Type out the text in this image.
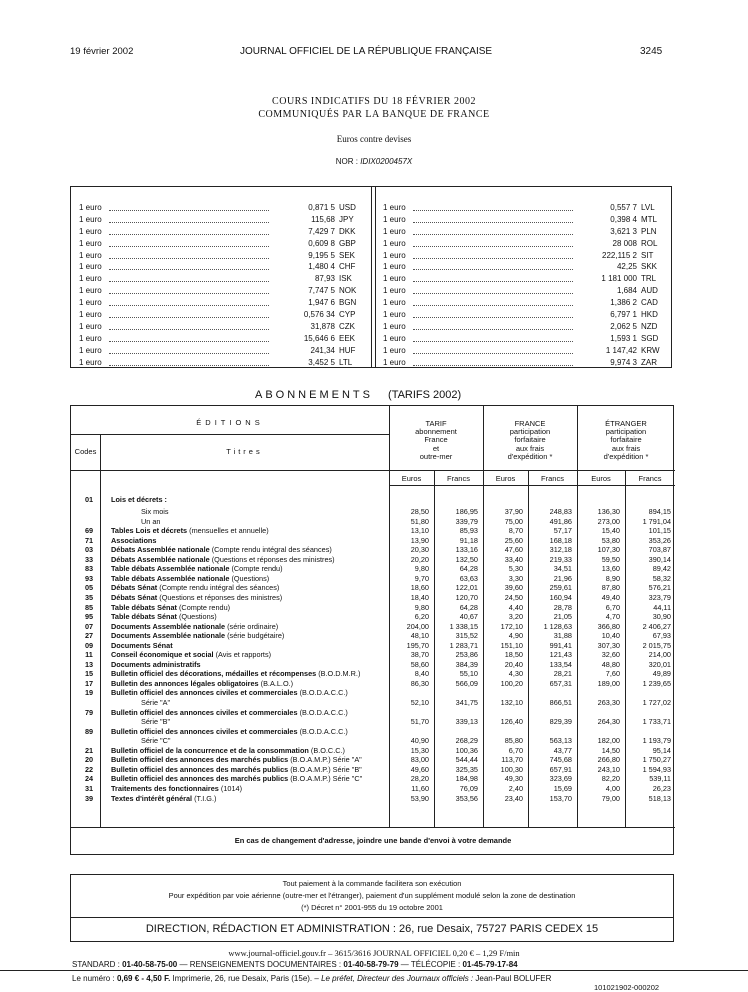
19 février 2002	JOURNAL OFFICIEL DE LA RÉPUBLIQUE FRANÇAISE	3245
COURS INDICATIFS DU 18 FÉVRIER 2002
COMMUNIQUÉS PAR LA BANQUE DE FRANCE
Euros contre devises
NOR : IDIX0200457X
1 euro	0,871 5 USD
1 euro	115,68 JPY
1 euro	7,429 7 DKK
1 euro	0,609 8 GBP
1 euro	9,195 5 SEK
1 euro	1,480 4 CHF
1 euro	87,93 ISK
1 euro	7,747 5 NOK
1 euro	1,947 6 BGN
1 euro	0,576 34 CYP
1 euro	31,878 CZK
1 euro	15,646 6 EEK
1 euro	241,34 HUF
1 euro	3,452 5 LTL
1 euro	0,557 7 LVL
1 euro	0,398 4 MTL
1 euro	3,621 3 PLN
1 euro	28 008 ROL
1 euro	222,115 2 SIT
1 euro	42,25 SKK
1 euro	1 181 000 TRL
1 euro	1,684 AUD
1 euro	1,386 2 CAD
1 euro	6,797 1 HKD
1 euro	2,062 5 NZD
1 euro	1,593 1 SGD
1 euro	1 147,42 KRW
1 euro	9,974 3 ZAR
ABONNEMENTS (TARIFS 2002)
ÉDITIONS
Codes	Titres
TARIF
abonnement
France
et
outre-mer
FRANCE
participation
forfaitaire
aux frais
d'expédition *
ÉTRANGER
participation
forfaitaire
aux frais
d'expédition *
Euros	Francs	Euros	Francs	Euros	Francs
01	Lois et décrets :
Six mois	28,50	186,95	37,90	248,83	136,30	894,15
Un an	51,80	339,79	75,00	491,86	273,00	1 791,04
69	Tables Lois et décrets (mensuelles et annuelle)	13,10	85,93	8,70	57,17	15,40	101,15
71	Associations	13,90	91,18	25,60	168,18	53,80	353,26
03	Débats Assemblée nationale (Compte rendu intégral des séances)	20,30	133,16	47,60	312,18	107,30	703,87
33	Débats Assemblée nationale (Questions et réponses des ministres)	20,20	132,50	33,40	219,33	59,50	390,14
83	Table débats Assemblée nationale (Compte rendu)	9,80	64,28	5,30	34,51	13,60	89,42
93	Table débats Assemblée nationale (Questions)	9,70	63,63	3,30	21,96	8,90	58,32
05	Débats Sénat (Compte rendu intégral des séances)	18,60	122,01	39,60	259,61	87,80	576,21
35	Débats Sénat (Questions et réponses des ministres)	18,40	120,70	24,50	160,94	49,40	323,79
85	Table débats Sénat (Compte rendu)	9,80	64,28	4,40	28,78	6,70	44,11
95	Table débats Sénat (Questions)	6,20	40,67	3,20	21,05	4,70	30,90
07	Documents Assemblée nationale (série ordinaire)	204,00	1 338,15	172,10	1 128,63	366,80	2 406,27
27	Documents Assemblée nationale (série budgétaire)	48,10	315,52	4,90	31,88	10,40	67,93
09	Documents Sénat	195,70	1 283,71	151,10	991,41	307,30	2 015,75
11	Conseil économique et social (Avis et rapports)	38,70	253,86	18,50	121,43	32,60	214,00
13	Documents administratifs	58,60	384,39	20,40	133,54	48,80	320,01
15	Bulletin officiel des décorations, médailles et récompenses (B.O.D.M.R.)	8,40	55,10	4,30	28,21	7,60	49,89
17	Bulletin des annonces légales obligatoires (B.A.L.O.)	86,30	566,09	100,20	657,31	189,00	1 239,65
19	Bulletin officiel des annonces civiles et commerciales (B.O.D.A.C.C.)
Série "A"	52,10	341,75	132,10	866,51	263,30	1 727,02
79	Bulletin officiel des annonces civiles et commerciales (B.O.D.A.C.C.)
Série "B"	51,70	339,13	126,40	829,39	264,30	1 733,71
89	Bulletin officiel des annonces civiles et commerciales (B.O.D.A.C.C.)
Série "C"	40,90	268,29	85,80	563,13	182,00	1 193,79
21	Bulletin officiel de la concurrence et de la consommation (B.O.C.C.)	15,30	100,36	6,70	43,77	14,50	95,14
20	Bulletin officiel des annonces des marchés publics (B.O.A.M.P.) Série "A"	83,00	544,44	113,70	745,68	266,80	1 750,27
22	Bulletin officiel des annonces des marchés publics (B.O.A.M.P.) Série "B"	49,60	325,35	100,30	657,91	243,10	1 594,93
24	Bulletin officiel des annonces des marchés publics (B.O.A.M.P.) Série "C"	28,20	184,98	49,30	323,69	82,20	539,11
31	Traitements des fonctionnaires (1014)	11,60	76,09	2,40	15,69	4,00	26,23
39	Textes d'intérêt général (T.I.G.)	53,90	353,56	23,40	153,70	79,00	518,13
En cas de changement d'adresse, joindre une bande d'envoi à votre demande
Tout paiement à la commande facilitera son exécution
Pour expédition par voie aérienne (outre-mer et l'étranger), paiement d'un supplément modulé selon la zone de destination
(*) Décret n° 2001-955 du 19 octobre 2001
DIRECTION, RÉDACTION ET ADMINISTRATION : 26, rue Desaix, 75727 PARIS CEDEX 15
www.journal-officiel.gouv.fr – 3615/3616 JOURNAL OFFICIEL 0,20 € – 1,29 F/min
STANDARD : 01-40-58-75-00 — RENSEIGNEMENTS DOCUMENTAIRES : 01-40-58-79-79 — TÉLÉCOPIE : 01-45-79-17-84
Le numéro : 0,69 € - 4,50 F. Imprimerie, 26, rue Desaix, Paris (15e). – Le préfet, Directeur des Journaux officiels : Jean-Paul BOLUFER
101021902-000202
